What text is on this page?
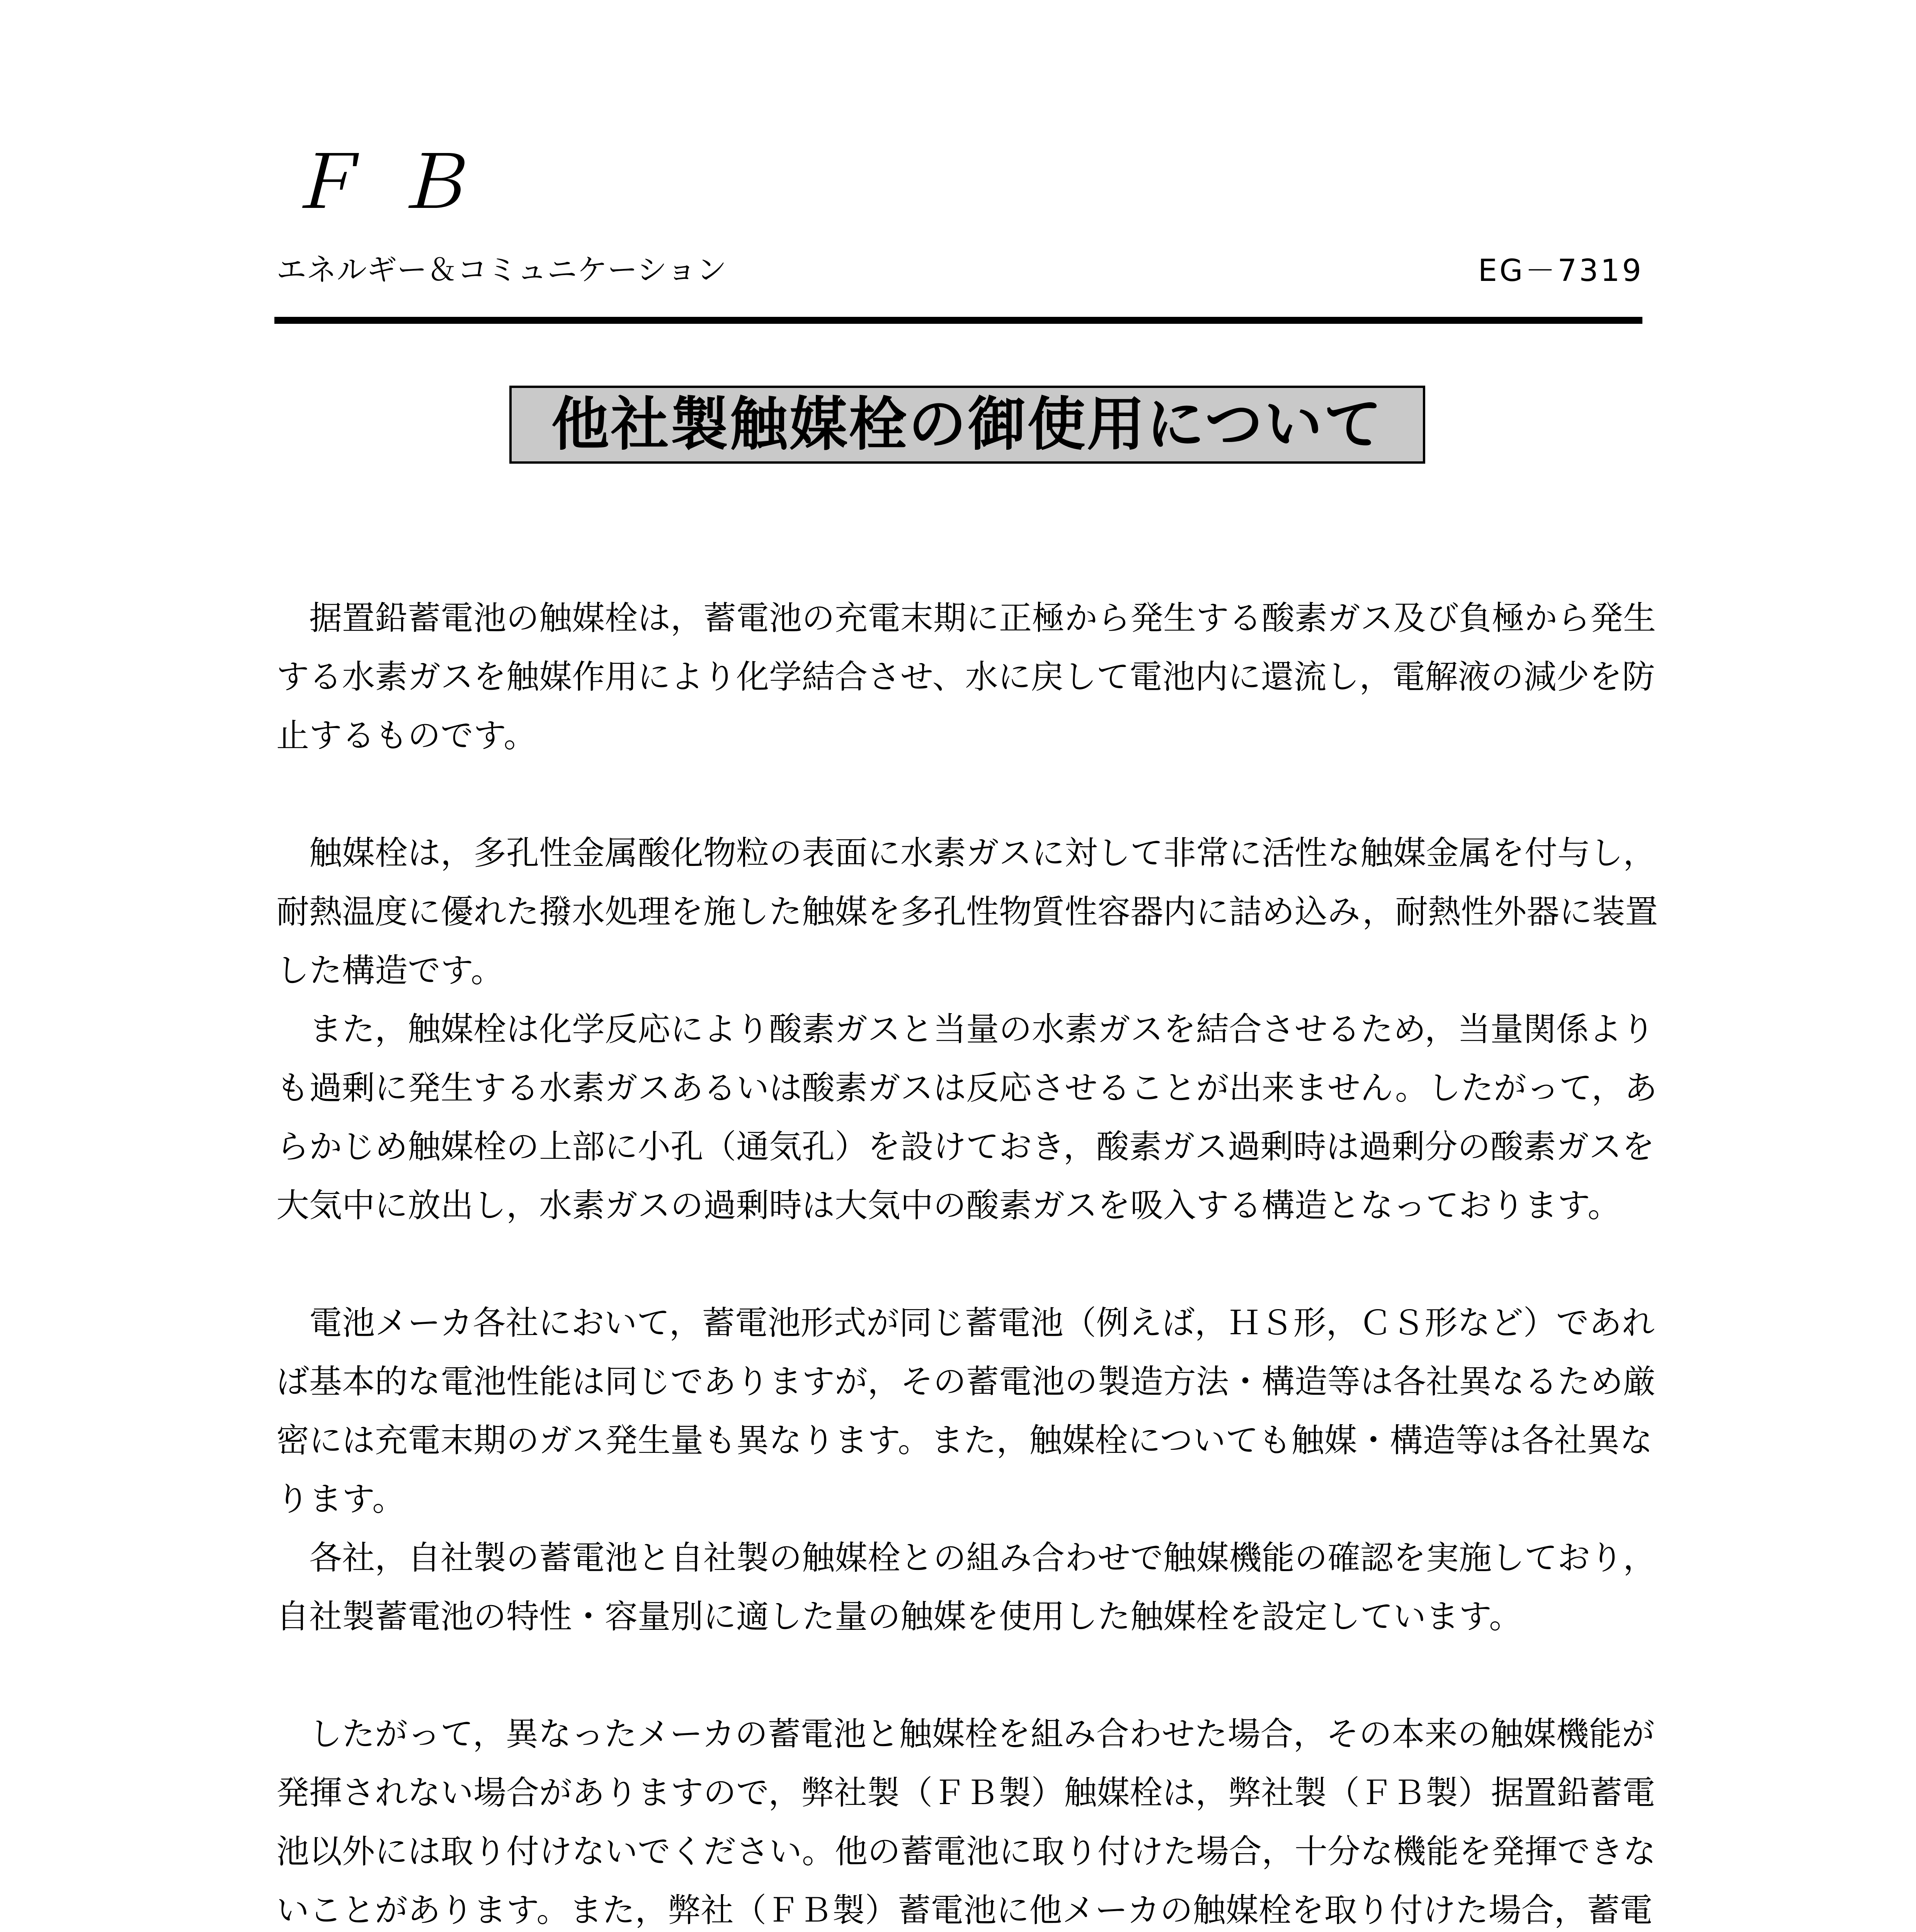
ＦＢ
エネルギー＆コミュニケーション	EG－7319
他社製触媒栓の御使用について

据置鉛蓄電池の触媒栓は，蓄電池の充電末期に正極から発生する酸素ガス及び負極から発生する水素ガスを触媒作用により化学結合させ、水に戻して電池内に還流し，電解液の減少を防止するものです。

触媒栓は，多孔性金属酸化物粒の表面に水素ガスに対して非常に活性な触媒金属を付与し，耐熱温度に優れた撥水処理を施した触媒を多孔性物質性容器内に詰め込み，耐熱性外器に装置した構造です。

また，触媒栓は化学反応により酸素ガスと当量の水素ガスを結合させるため，当量関係よりも過剰に発生する水素ガスあるいは酸素ガスは反応させることが出来ません。したがって，あらかじめ触媒栓の上部に小孔（通気孔）を設けておき，酸素ガス過剰時は過剰分の酸素ガスを大気中に放出し，水素ガスの過剰時は大気中の酸素ガスを吸入する構造となっております。

電池メーカ各社において，蓄電池形式が同じ蓄電池（例えば，ＨＳ形，ＣＳ形など）であれば基本的な電池性能は同じでありますが，その蓄電池の製造方法・構造等は各社異なるため厳密には充電末期のガス発生量も異なります。また，触媒栓についても触媒・構造等は各社異なります。

各社，自社製の蓄電池と自社製の触媒栓との組み合わせで触媒機能の確認を実施しており，自社製蓄電池の特性・容量別に適した量の触媒を使用した触媒栓を設定しています。

したがって，異なったメーカの蓄電池と触媒栓を組み合わせた場合，その本来の触媒機能が発揮されない場合がありますので，弊社製（ＦＢ製）触媒栓は，弊社製（ＦＢ製）据置鉛蓄電池以外には取り付けないでください。他の蓄電池に取り付けた場合，十分な機能を発揮できないことがあります。また，弊社（ＦＢ製）蓄電池に他メーカの触媒栓を取り付けた場合，蓄電
